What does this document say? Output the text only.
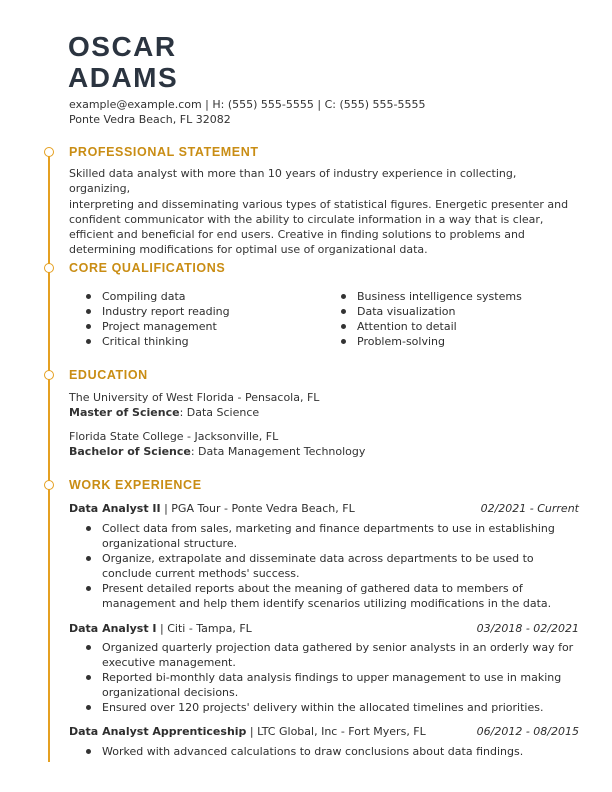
OSCAR
ADAMS
example@example.com | H: (555) 555-5555 | C: (555) 555-5555
Ponte Vedra Beach, FL 32082
PROFESSIONAL STATEMENT
Skilled data analyst with more than 10 years of industry experience in collecting, organizing,
interpreting and disseminating various types of statistical figures. Energetic presenter and
confident communicator with the ability to circulate information in a way that is clear,
efficient and beneficial for end users. Creative in finding solutions to problems and
determining modifications for optimal use of organizational data.
CORE QUALIFICATIONS
Compiling data
Industry report reading
Project management
Critical thinking
Business intelligence systems
Data visualization
Attention to detail
Problem-solving
EDUCATION
The University of West Florida - Pensacola, FL
Master of Science: Data Science
Florida State College - Jacksonville, FL
Bachelor of Science: Data Management Technology
WORK EXPERIENCE
Data Analyst II | PGA Tour - Ponte Vedra Beach, FL	02/2021 - Current
Collect data from sales, marketing and finance departments to use in establishing organizational structure.
Organize, extrapolate and disseminate data across departments to be used to conclude current methods' success.
Present detailed reports about the meaning of gathered data to members of management and help them identify scenarios utilizing modifications in the data.
Data Analyst I | Citi - Tampa, FL	03/2018 - 02/2021
Organized quarterly projection data gathered by senior analysts in an orderly way for executive management.
Reported bi-monthly data analysis findings to upper management to use in making organizational decisions.
Ensured over 120 projects' delivery within the allocated timelines and priorities.
Data Analyst Apprenticeship | LTC Global, Inc - Fort Myers, FL	06/2012 - 08/2015
Worked with advanced calculations to draw conclusions about data findings.
